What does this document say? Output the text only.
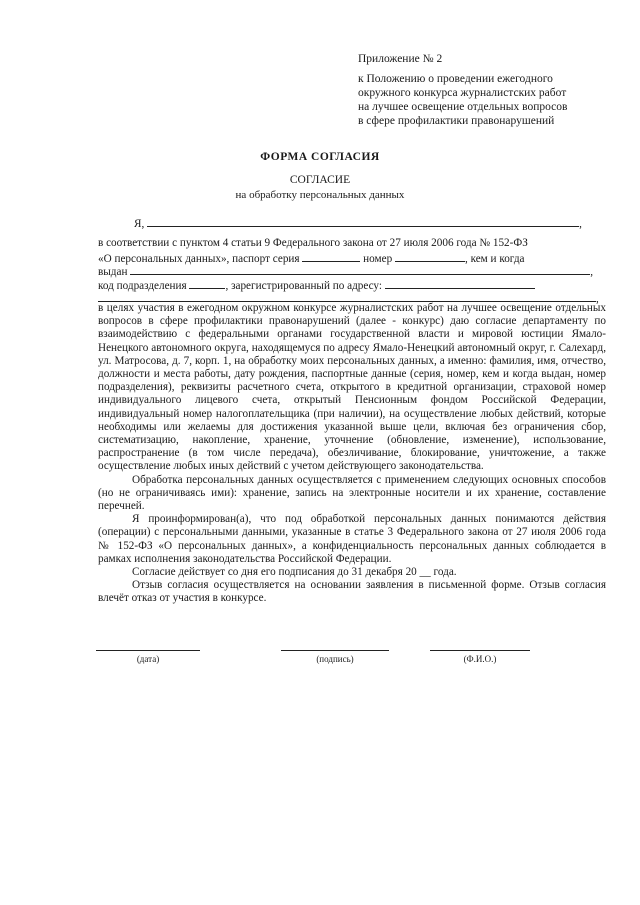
Приложение № 2
к Положению о проведении ежегодного
окружного конкурса журналистских работ
на лучшее освещение отдельных вопросов
в сфере профилактики правонарушений
ФОРМА СОГЛАСИЯ
СОГЛАСИЕ
на обработку персональных данных
Я,	,
в соответствии с пунктом 4 статьи 9 Федерального закона от 27 июля 2006 года № 152-ФЗ
«О персональных данных», паспорт серия	номер	, кем и когда
выдан	,
код подразделения	, зарегистрированный по адресу:
,

в целях участия в ежегодном окружном конкурсе журналистских работ на лучшее освещение отдельных вопросов в сфере профилактики правонарушений (далее - конкурс) даю согласие департаменту по взаимодействию с федеральными органами государственной власти и мировой юстиции Ямало-Ненецкого автономного округа, находящемуся по адресу Ямало-Ненецкий автономный округ, г. Салехард, ул. Матросова, д. 7, корп. 1, на обработку моих персональных данных, а именно: фамилия, имя, отчество, должности и места работы, дату рождения, паспортные данные (серия, номер, кем и когда выдан, номер подразделения), реквизиты расчетного счета, открытого в кредитной организации, страховой номер индивидуального лицевого счета, открытый Пенсионным фондом Российской Федерации, индивидуальный номер налогоплательщика (при наличии), на осуществление любых действий, которые необходимы или желаемы для достижения указанной выше цели, включая без ограничения сбор, систематизацию, накопление, хранение, уточнение (обновление, изменение), использование, распространение (в том числе передача), обезличивание, блокирование, уничтожение, а также осуществление любых иных действий с учетом действующего законодательства.

Обработка персональных данных осуществляется с применением следующих основных способов (но не ограничиваясь ими): хранение, запись на электронные носители и их хранение, составление перечней.

Я проинформирован(а), что под обработкой персональных данных понимаются действия (операции) с персональными данными, указанные в статье 3 Федерального закона от 27 июля 2006 года № 152-ФЗ «О персональных данных», а конфиденциальность персональных данных соблюдается в рамках исполнения законодательства Российской Федерации.

Согласие действует со дня его подписания до 31 декабря 20 __ года.

Отзыв согласия осуществляется на основании заявления в письменной форме. Отзыв согласия влечёт отказ от участия в конкурсе.

(дата)	(подпись)	(Ф.И.О.)
